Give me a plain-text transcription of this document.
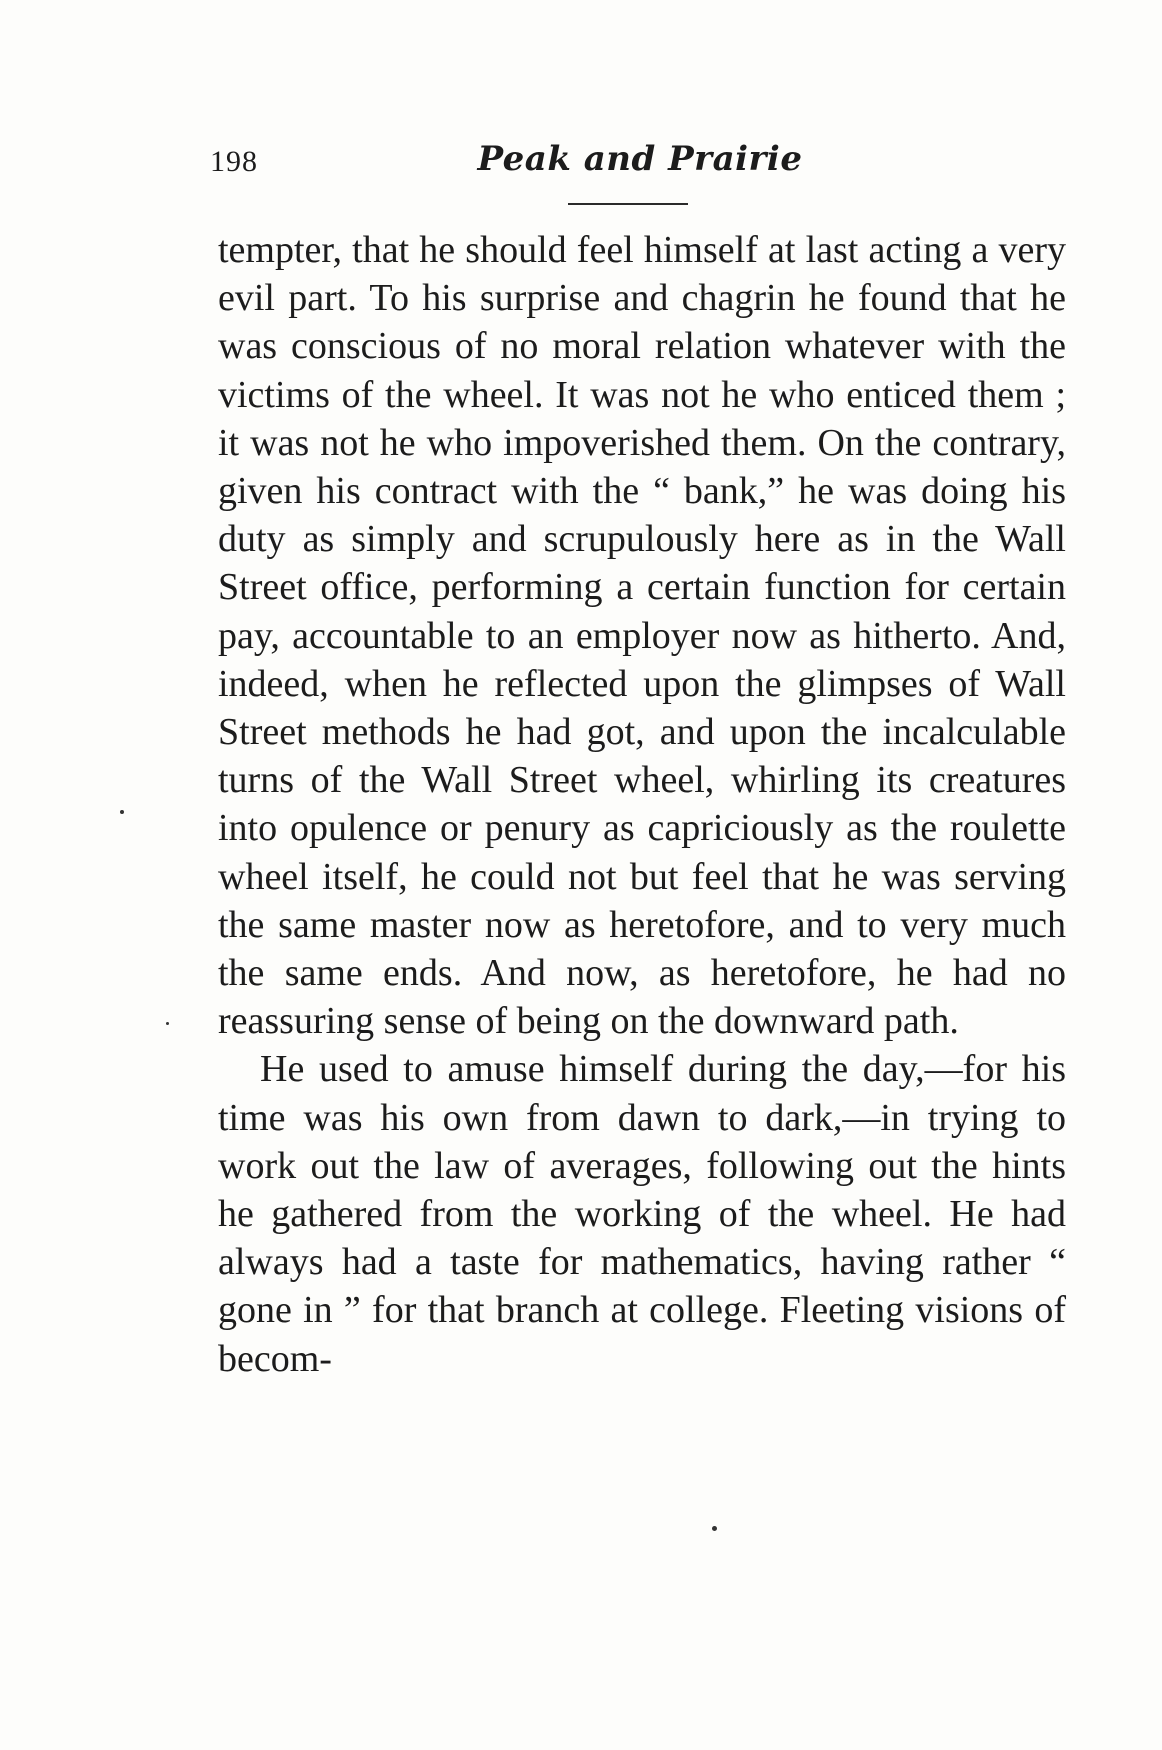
198	Peak and Prairie

tempter, that he should feel himself at last acting a very evil part. To his surprise and chagrin he found that he was conscious of no moral relation whatever with the victims of the wheel. It was not he who enticed them ; it was not he who impoverished them. On the contrary, given his contract with the “ bank,” he was doing his duty as simply and scrupulously here as in the Wall Street office, performing a certain function for certain pay, accountable to an employer now as hitherto. And, indeed, when he reflected upon the glimpses of Wall Street methods he had got, and upon the incalculable turns of the Wall Street wheel, whirling its creatures into opulence or penury as capriciously as the roulette wheel itself, he could not but feel that he was serving the same master now as heretofore, and to very much the same ends. And now, as heretofore, he had no reassuring sense of being on the downward path.

He used to amuse himself during the day,—for his time was his own from dawn to dark,—in trying to work out the law of averages, following out the hints he gathered from the working of the wheel. He had always had a taste for mathematics, having rather “ gone in ” for that branch at college. Fleeting visions of becom-
